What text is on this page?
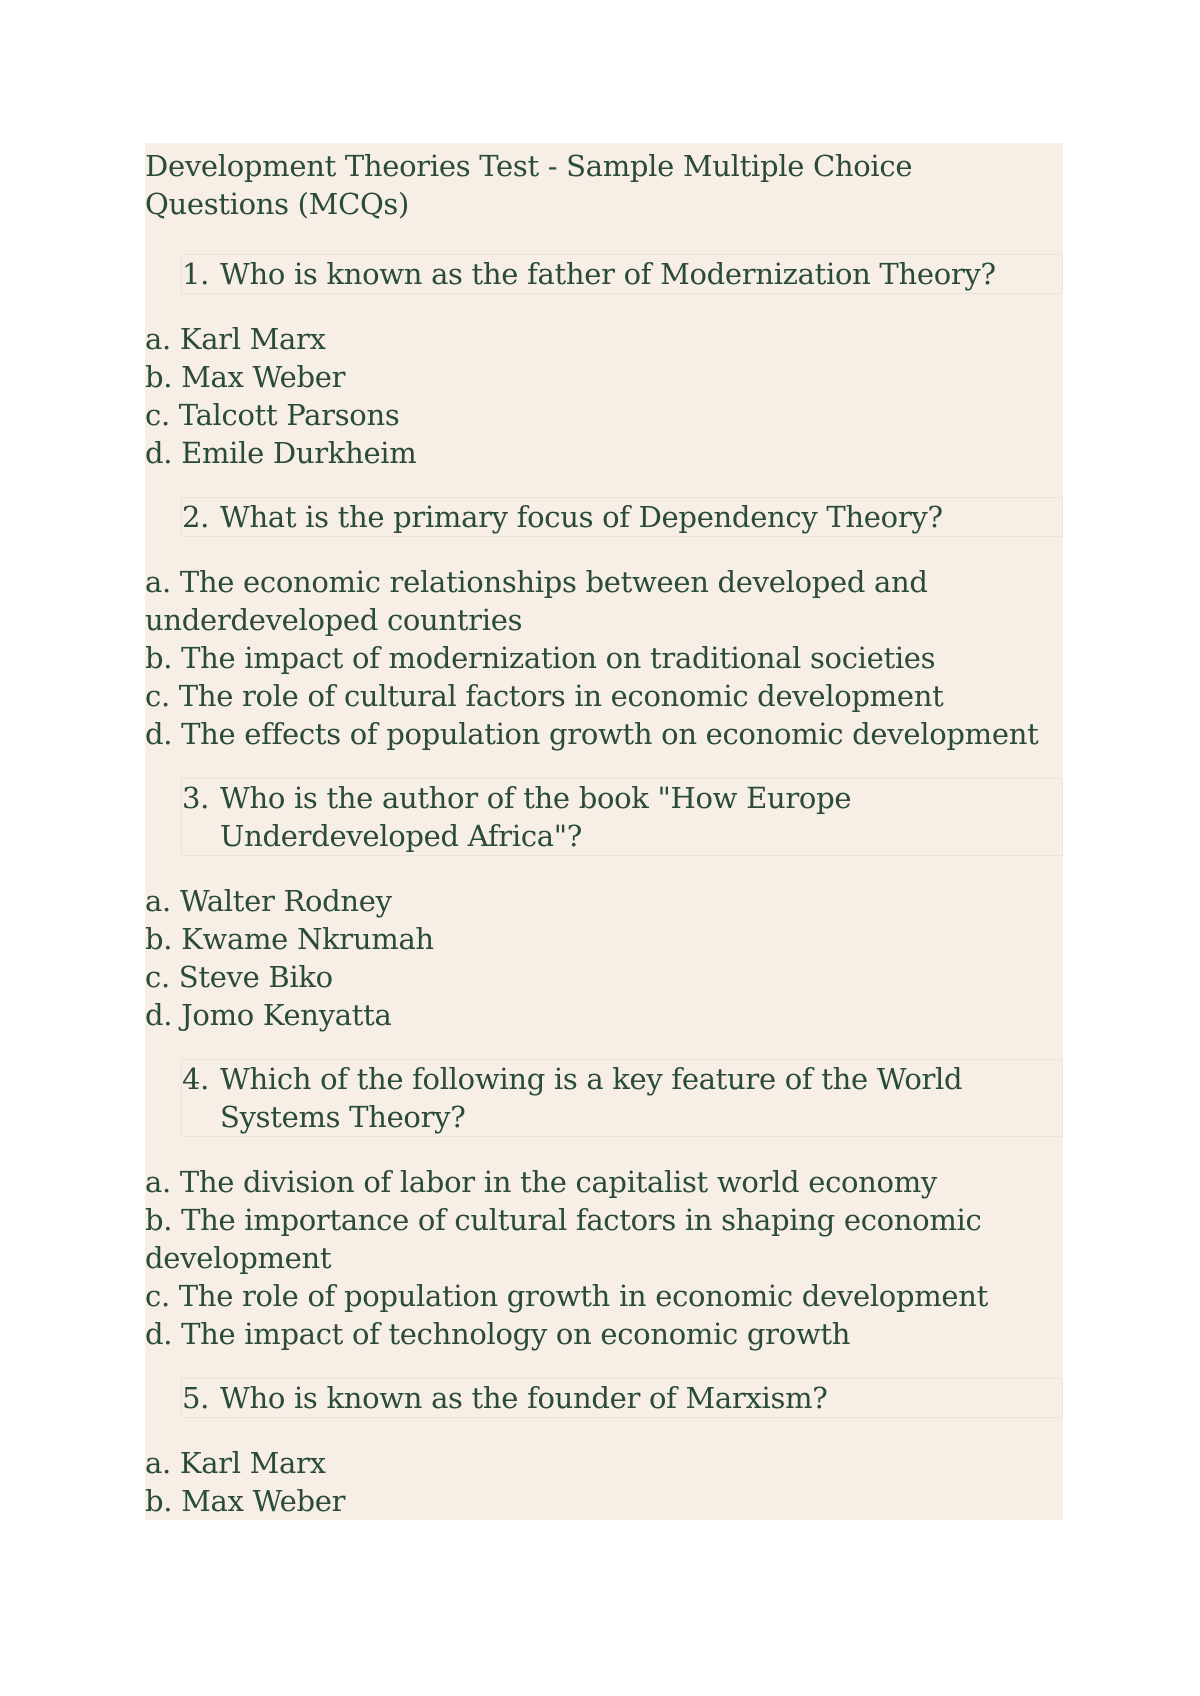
Development Theories Test - Sample Multiple Choice Questions (MCQs)
1. Who is known as the father of Modernization Theory?
a. Karl Marx
b. Max Weber
c. Talcott Parsons
d. Emile Durkheim
2. What is the primary focus of Dependency Theory?
a. The economic relationships between developed and underdeveloped countries
b. The impact of modernization on traditional societies
c. The role of cultural factors in economic development
d. The effects of population growth on economic development
3. Who is the author of the book "How Europe Underdeveloped Africa"?
a. Walter Rodney
b. Kwame Nkrumah
c. Steve Biko
d. Jomo Kenyatta
4. Which of the following is a key feature of the World Systems Theory?
a. The division of labor in the capitalist world economy
b. The importance of cultural factors in shaping economic development
c. The role of population growth in economic development
d. The impact of technology on economic growth
5. Who is known as the founder of Marxism?
a. Karl Marx
b. Max Weber
